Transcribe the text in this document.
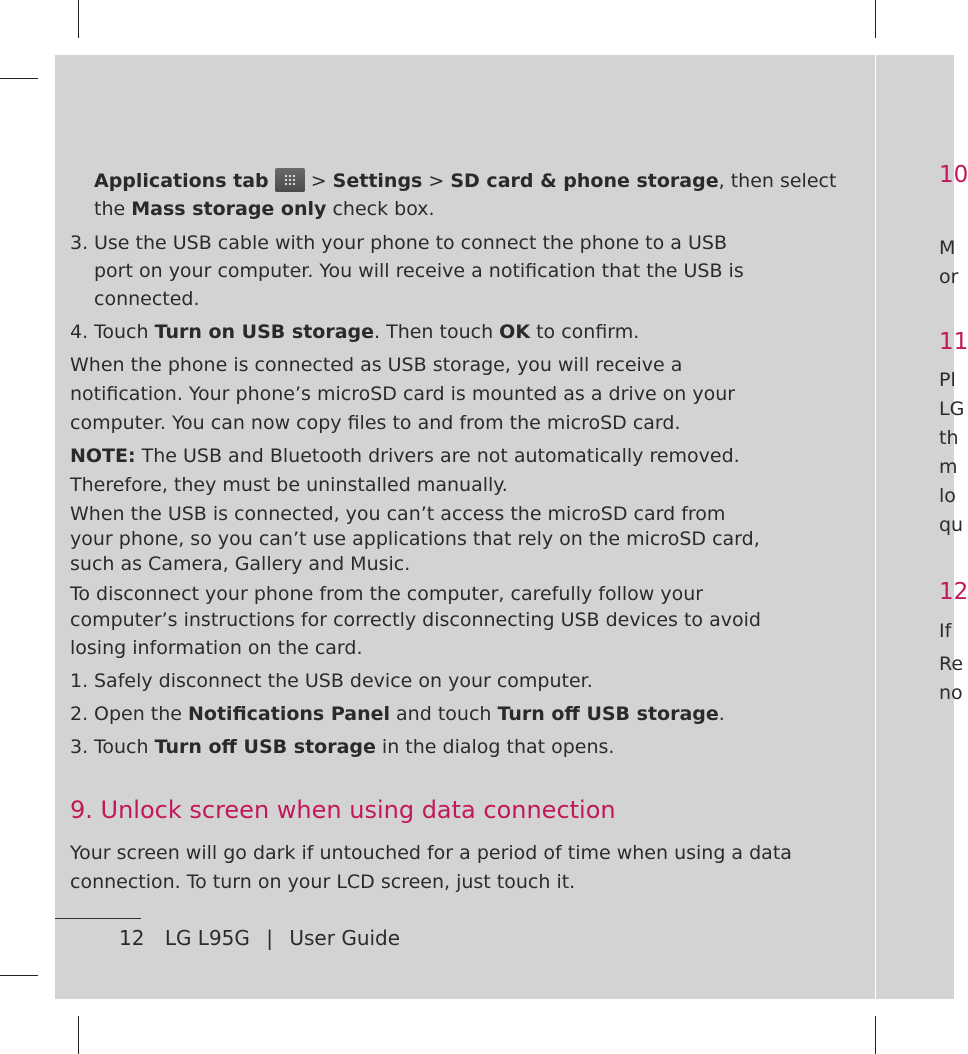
10
M
or
11
Pl
LG
th
m
lo
qu
12
If
Re
no
Applications tab  > Settings > SD card & phone storage, then select
the Mass storage only check box.
3. Use the USB cable with your phone to connect the phone to a USB
port on your computer. You will receive a notification that the USB is
connected.
4. Touch Turn on USB storage. Then touch OK to confirm.
When the phone is connected as USB storage, you will receive a
notification. Your phone’s microSD card is mounted as a drive on your
computer. You can now copy files to and from the microSD card.
NOTE: The USB and Bluetooth drivers are not automatically removed.
Therefore, they must be uninstalled manually.
When the USB is connected, you can’t access the microSD card from
your phone, so you can’t use applications that rely on the microSD card,
such as Camera, Gallery and Music.
To disconnect your phone from the computer, carefully follow your
computer’s instructions for correctly disconnecting USB devices to avoid
losing information on the card.
1. Safely disconnect the USB device on your computer.
2. Open the Notifications Panel and touch Turn off USB storage.
3. Touch Turn off USB storage in the dialog that opens.
9. Unlock screen when using data connection
Your screen will go dark if untouched for a period of time when using a data
connection. To turn on your LCD screen, just touch it.
12 LG L95G | User Guide
